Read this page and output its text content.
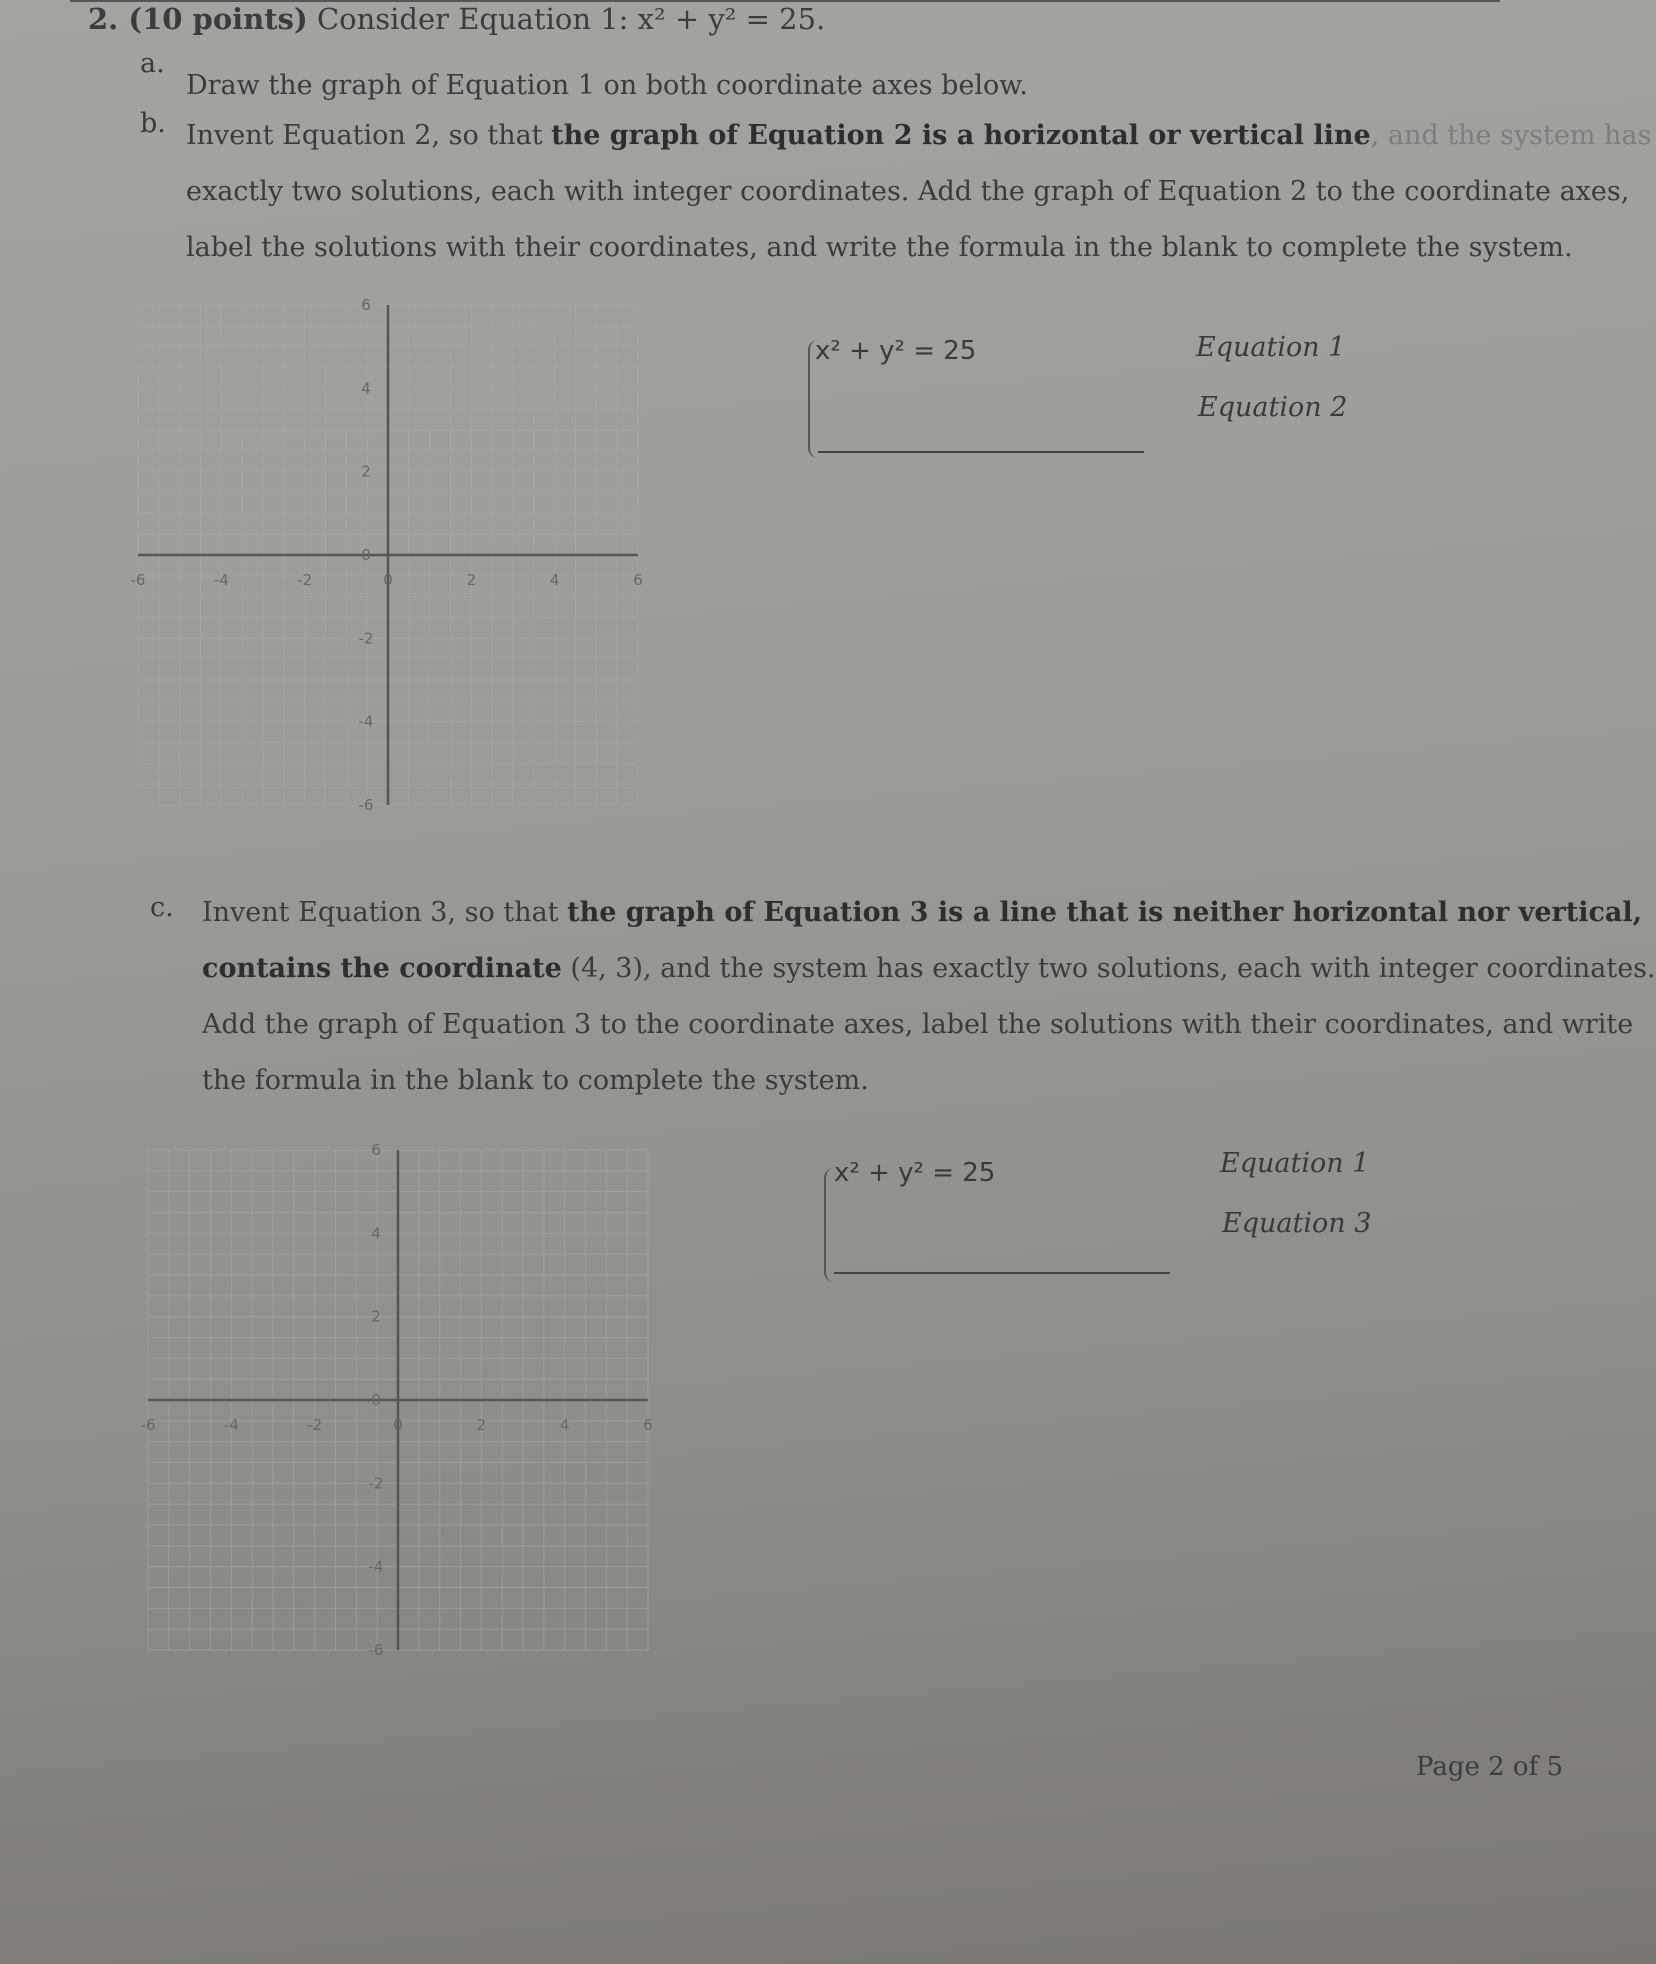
2. (10 points) Consider Equation 1: x² + y² = 25.
a.
Draw the graph of Equation 1 on both coordinate axes below.
b. Invent Equation 2, so that the graph of Equation 2 is a horizontal or vertical line, and the system has
exactly two solutions, each with integer coordinates. Add the graph of Equation 2 to the coordinate axes,
label the solutions with their coordinates, and write the formula in the blank to complete the system.
-6	-4	-2	0	2	4	6
6
4
2
0
-2
-4
-6
x² + y² = 25	Equation 1
Equation 2
c. Invent Equation 3, so that the graph of Equation 3 is a line that is neither horizontal nor vertical,
contains the coordinate (4, 3), and the system has exactly two solutions, each with integer coordinates.
Add the graph of Equation 3 to the coordinate axes, label the solutions with their coordinates, and write
the formula in the blank to complete the system.
-6	-4	-2	0	2	4	6
6
4
2
0
-2
-4
-6
x² + y² = 25	Equation 1
Equation 3
Page 2 of 5
